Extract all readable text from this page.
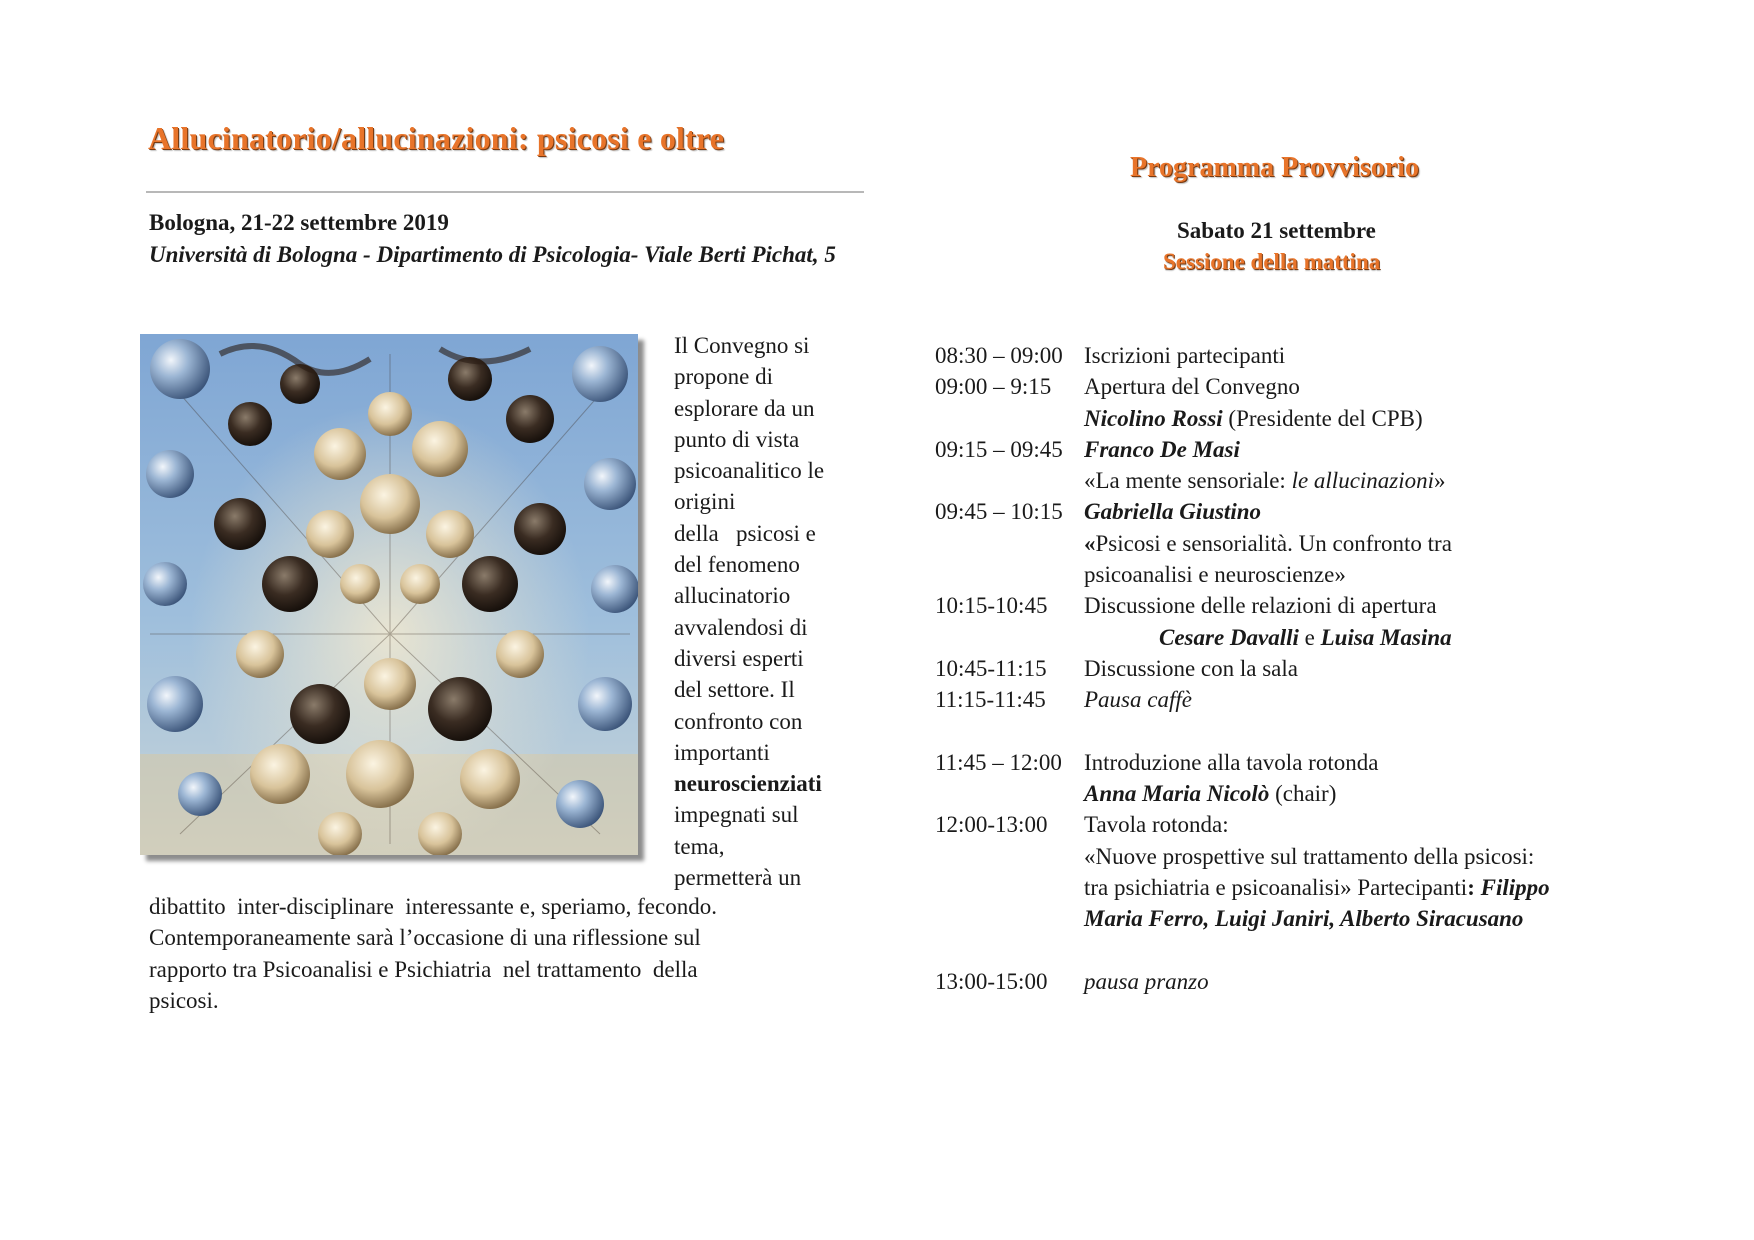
Allucinatorio/allucinazioni: psicosi e oltre
Bologna, 21-22 settembre 2019
Università di Bologna - Dipartimento di Psicologia- Viale Berti Pichat, 5
Il Convegno si
propone di
esplorare da un
punto di vista
psicoanalitico le
origini
della   psicosi e
del fenomeno
allucinatorio
avvalendosi di
diversi esperti
del settore. Il
confronto con
importanti
neuroscienziati
impegnati sul
tema,
permetterà un
dibattito  inter-disciplinare  interessante e, speriamo, fecondo.
Contemporaneamente sarà l’occasione di una riflessione sul
rapporto tra Psicoanalisi e Psichiatria  nel trattamento  della
psicosi.
Programma Provvisorio
Sabato 21 settembre
Sessione della mattina
08:30 – 09:00 Iscrizioni partecipanti
09:00 – 9:15	Apertura del Convegno
Nicolino Rossi (Presidente del CPB)
09:15 – 09:45 Franco De Masi
«La mente sensoriale: le allucinazioni»
09:45 – 10:15 Gabriella Giustino
«Psicosi e sensorialità. Un confronto tra
psicoanalisi e neuroscienze»
10:15-10:45	Discussione delle relazioni di apertura
Cesare Davalli e Luisa Masina
10:45-11:15	Discussione con la sala
11:15-11:45	Pausa caffè
11:45 – 12:00 Introduzione alla tavola rotonda
Anna Maria Nicolò (chair)
12:00-13:00	Tavola rotonda:
«Nuove prospettive sul trattamento della psicosi:
tra psichiatria e psicoanalisi» Partecipanti: Filippo
Maria Ferro, Luigi Janiri, Alberto Siracusano
13:00-15:00	pausa pranzo
